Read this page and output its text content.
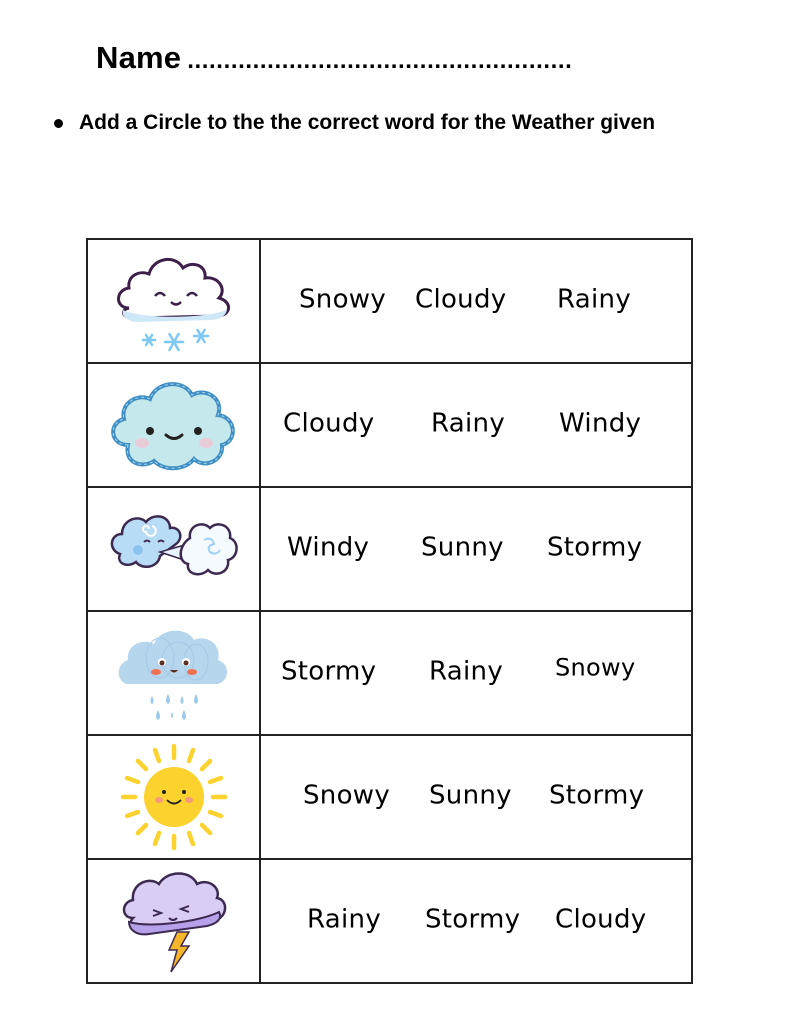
Name .....................................................
Add a Circle to the the correct word for the Weather given

Snowy Cloudy Rainy

Cloudy Rainy Windy

Windy Sunny Stormy

Stormy Rainy Snowy

Snowy Sunny Stormy

Rainy Stormy Cloudy
